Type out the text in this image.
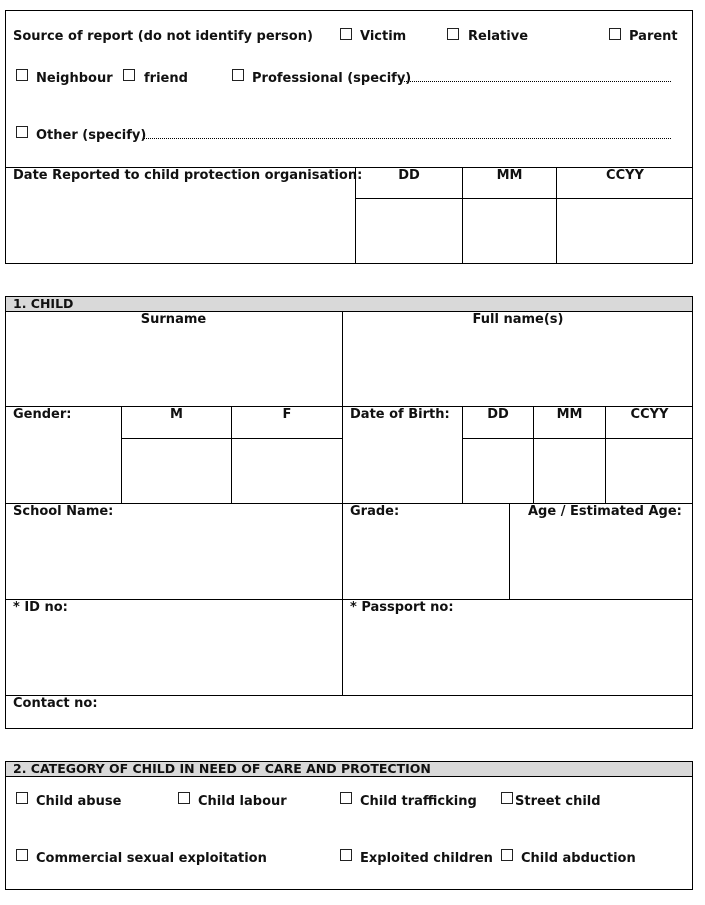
Source of report (do not identify person)	Victim	Relative	Parent
Neighbour friend	Professional (specify)
Other (specify)
Date Reported to child protection organisation:	DD	MM	CCYY
1. CHILD
Surname	Full name(s)
Gender:	M	F	Date of Birth:	DD	MM	CCYY
School Name:	Grade:	Age / Estimated Age:
* ID no:	* Passport no:
Contact no:
2. CATEGORY OF CHILD IN NEED OF CARE AND PROTECTION
Child abuse	Child labour	Child trafficking	Street child
Commercial sexual exploitation	Exploited children Child abduction
